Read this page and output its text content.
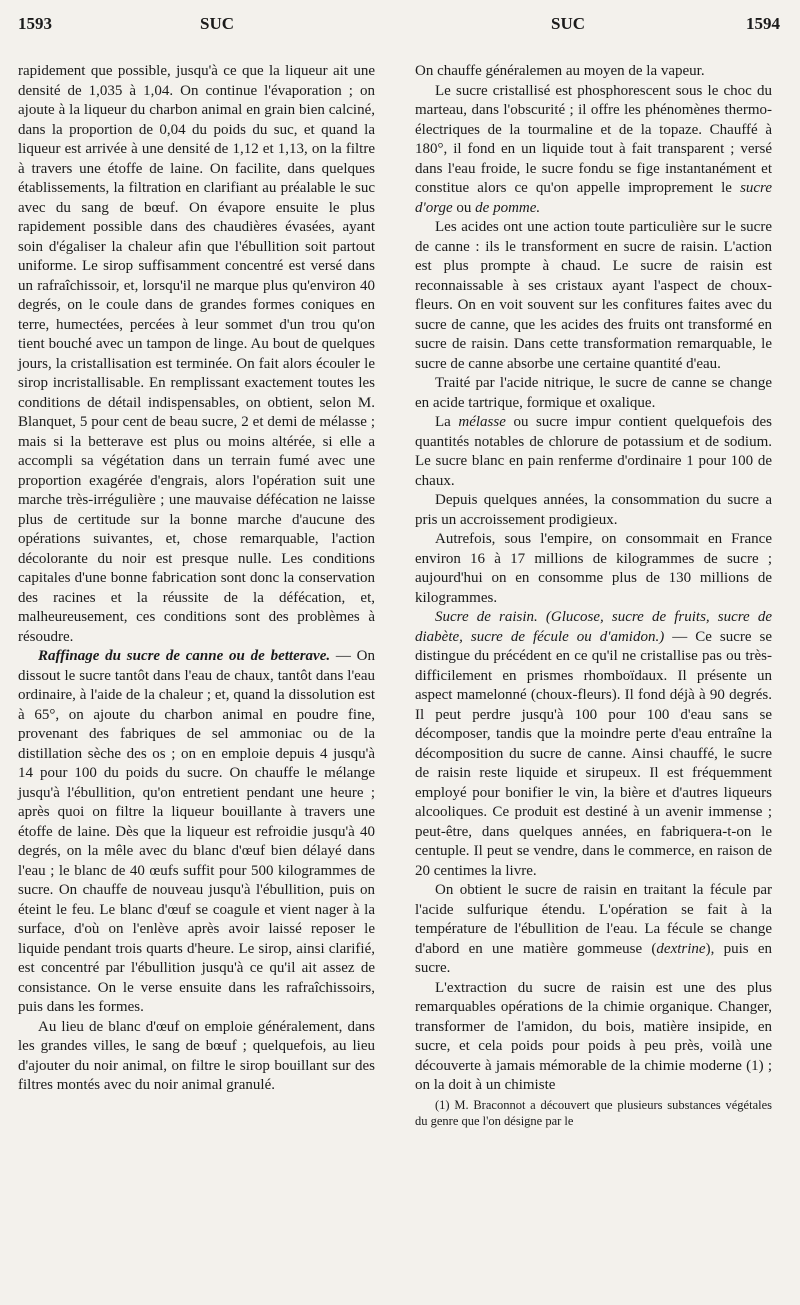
1593	SUC	SUC	1594

rapidement que possible, jusqu'à ce que la liqueur ait une densité de 1,035 à 1,04. On continue l'évaporation ; on ajoute à la liqueur du charbon animal en grain bien calciné, dans la proportion de 0,04 du poids du suc, et quand la liqueur est arrivée à une densité de 1,12 et 1,13, on la filtre à travers une étoffe de laine. On facilite, dans quelques établissements, la filtration en clarifiant au préalable le suc avec du sang de bœuf. On évapore ensuite le plus rapidement possible dans des chaudières évasées, ayant soin d'égaliser la chaleur afin que l'ébullition soit partout uniforme. Le sirop suffisamment concentré est versé dans un rafraîchissoir, et, lorsqu'il ne marque plus qu'environ 40 degrés, on le coule dans de grandes formes coniques en terre, humectées, percées à leur sommet d'un trou qu'on tient bouché avec un tampon de linge. Au bout de quelques jours, la cristallisation est terminée. On fait alors écouler le sirop incristallisable. En remplissant exactement toutes les conditions de détail indispensables, on obtient, selon M. Blanquet, 5 pour cent de beau sucre, 2 et demi de mélasse ; mais si la betterave est plus ou moins altérée, si elle a accompli sa végétation dans un terrain fumé avec une proportion exagérée d'engrais, alors l'opération suit une marche très-irrégulière ; une mauvaise défécation ne laisse plus de certitude sur la bonne marche d'aucune des opérations suivantes, et, chose remarquable, l'action décolorante du noir est presque nulle. Les conditions capitales d'une bonne fabrication sont donc la conservation des racines et la réussite de la défécation, et, malheureusement, ces conditions sont des problèmes à résoudre.

Raffinage du sucre de canne ou de betterave. — On dissout le sucre tantôt dans l'eau de chaux, tantôt dans l'eau ordinaire, à l'aide de la chaleur ; et, quand la dissolution est à 65°, on ajoute du charbon animal en poudre fine, provenant des fabriques de sel ammoniac ou de la distillation sèche des os ; on en emploie depuis 4 jusqu'à 14 pour 100 du poids du sucre. On chauffe le mélange jusqu'à l'ébullition, qu'on entretient pendant une heure ; après quoi on filtre la liqueur bouillante à travers une étoffe de laine. Dès que la liqueur est refroidie jusqu'à 40 degrés, on la mêle avec du blanc d'œuf bien délayé dans l'eau ; le blanc de 40 œufs suffit pour 500 kilogrammes de sucre. On chauffe de nouveau jusqu'à l'ébullition, puis on éteint le feu. Le blanc d'œuf se coagule et vient nager à la surface, d'où on l'enlève après avoir laissé reposer le liquide pendant trois quarts d'heure. Le sirop, ainsi clarifié, est concentré par l'ébullition jusqu'à ce qu'il ait assez de consistance. On le verse ensuite dans les rafraîchissoirs, puis dans les formes.

Au lieu de blanc d'œuf on emploie généralement, dans les grandes villes, le sang de bœuf ; quelquefois, au lieu d'ajouter du noir animal, on filtre le sirop bouillant sur des filtres montés avec du noir animal granulé.

On chauffe généralemen au moyen de la vapeur.

Le sucre cristallisé est phosphorescent sous le choc du marteau, dans l'obscurité ; il offre les phénomènes thermo-électriques de la tourmaline et de la topaze. Chauffé à 180°, il fond en un liquide tout à fait transparent ; versé dans l'eau froide, le sucre fondu se fige instantanément et constitue alors ce qu'on appelle improprement le sucre d'orge ou de pomme.

Les acides ont une action toute particulière sur le sucre de canne : ils le transforment en sucre de raisin. L'action est plus prompte à chaud. Le sucre de raisin est reconnaissable à ses cristaux ayant l'aspect de choux-fleurs. On en voit souvent sur les confitures faites avec du sucre de canne, que les acides des fruits ont transformé en sucre de raisin. Dans cette transformation remarquable, le sucre de canne absorbe une certaine quantité d'eau.

Traité par l'acide nitrique, le sucre de canne se change en acide tartrique, formique et oxalique.

La mélasse ou sucre impur contient quelquefois des quantités notables de chlorure de potassium et de sodium. Le sucre blanc en pain renferme d'ordinaire 1 pour 100 de chaux.

Depuis quelques années, la consommation du sucre a pris un accroissement prodigieux.

Autrefois, sous l'empire, on consommait en France environ 16 à 17 millions de kilogrammes de sucre ; aujourd'hui on en consomme plus de 130 millions de kilogrammes.

Sucre de raisin. (Glucose, sucre de fruits, sucre de diabète, sucre de fécule ou d'amidon.) — Ce sucre se distingue du précédent en ce qu'il ne cristallise pas ou très-difficilement en prismes rhomboïdaux. Il présente un aspect mamelonné (choux-fleurs). Il fond déjà à 90 degrés. Il peut perdre jusqu'à 100 pour 100 d'eau sans se décomposer, tandis que la moindre perte d'eau entraîne la décomposition du sucre de canne. Ainsi chauffé, le sucre de raisin reste liquide et sirupeux. Il est fréquemment employé pour bonifier le vin, la bière et d'autres liqueurs alcooliques. Ce produit est destiné à un avenir immense ; peut-être, dans quelques années, en fabriquera-t-on le centuple. Il peut se vendre, dans le commerce, en raison de 20 centimes la livre.

On obtient le sucre de raisin en traitant la fécule par l'acide sulfurique étendu. L'opération se fait à la température de l'ébullition de l'eau. La fécule se change d'abord en une matière gommeuse (dextrine), puis en sucre.

L'extraction du sucre de raisin est une des plus remarquables opérations de la chimie organique. Changer, transformer de l'amidon, du bois, matière insipide, en sucre, et cela poids pour poids à peu près, voilà une découverte à jamais mémorable de la chimie moderne (1) ; on la doit à un chimiste

(1) M. Braconnot a découvert que plusieurs substances végétales du genre que l'on désigne par le
